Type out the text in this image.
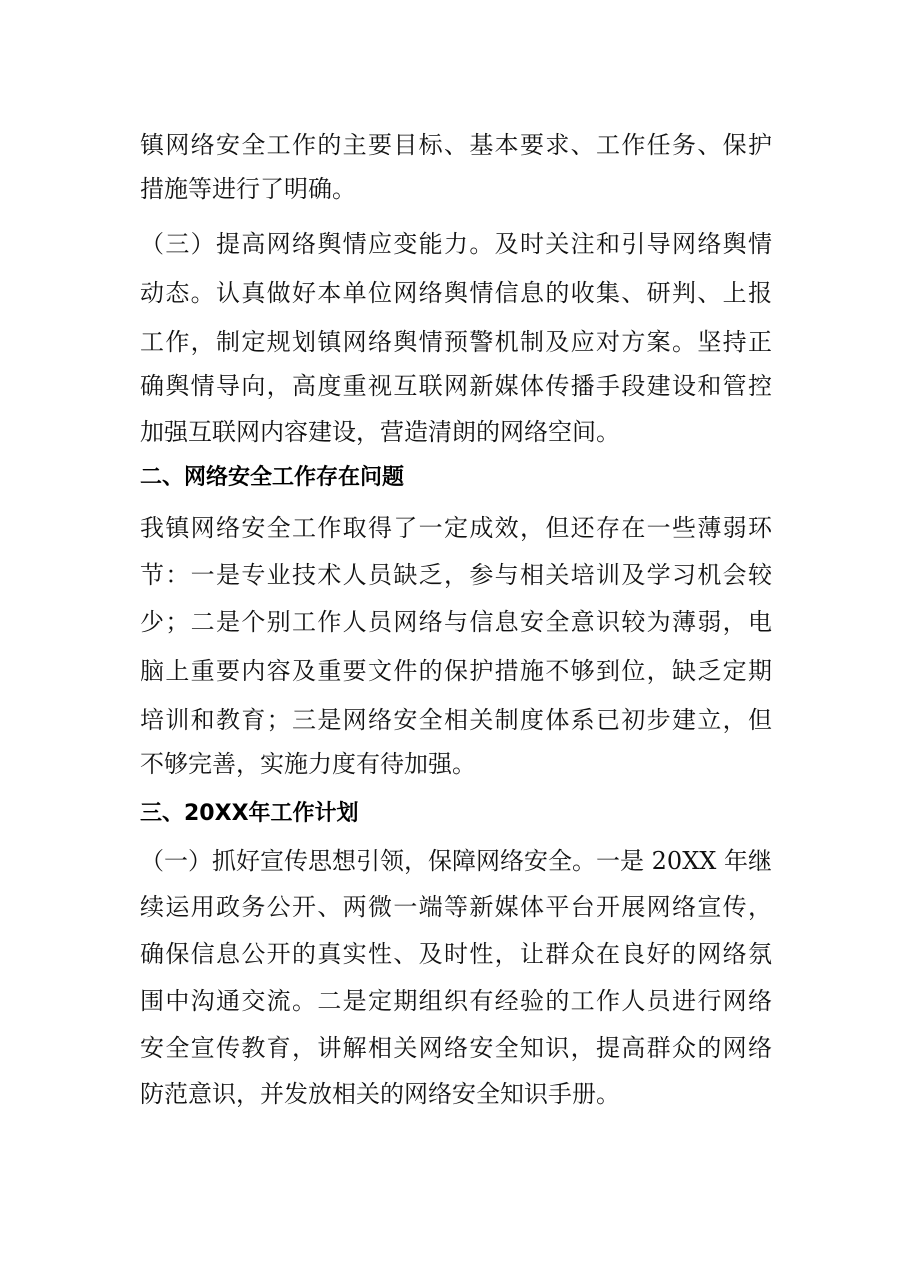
镇网络安全工作的主要目标、基本要求、工作任务、保护
措施等进行了明确。
（三）提高网络舆情应变能力。及时关注和引导网络舆情
动态。认真做好本单位网络舆情信息的收集、研判、上报
工作，制定规划镇网络舆情预警机制及应对方案。坚持正
确舆情导向，高度重视互联网新媒体传播手段建设和管控
加强互联网内容建设，营造清朗的网络空间。
二、网络安全工作存在问题
我镇网络安全工作取得了一定成效，但还存在一些薄弱环
节：一是专业技术人员缺乏，参与相关培训及学习机会较
少；二是个别工作人员网络与信息安全意识较为薄弱，电
脑上重要内容及重要文件的保护措施不够到位，缺乏定期
培训和教育；三是网络安全相关制度体系已初步建立，但
不够完善，实施力度有待加强。
三、20XX年工作计划
（一）抓好宣传思想引领，保障网络安全。一是 20XX 年继
续运用政务公开、两微一端等新媒体平台开展网络宣传，
确保信息公开的真实性、及时性，让群众在良好的网络氛
围中沟通交流。二是定期组织有经验的工作人员进行网络
安全宣传教育，讲解相关网络安全知识，提高群众的网络
防范意识，并发放相关的网络安全知识手册。
